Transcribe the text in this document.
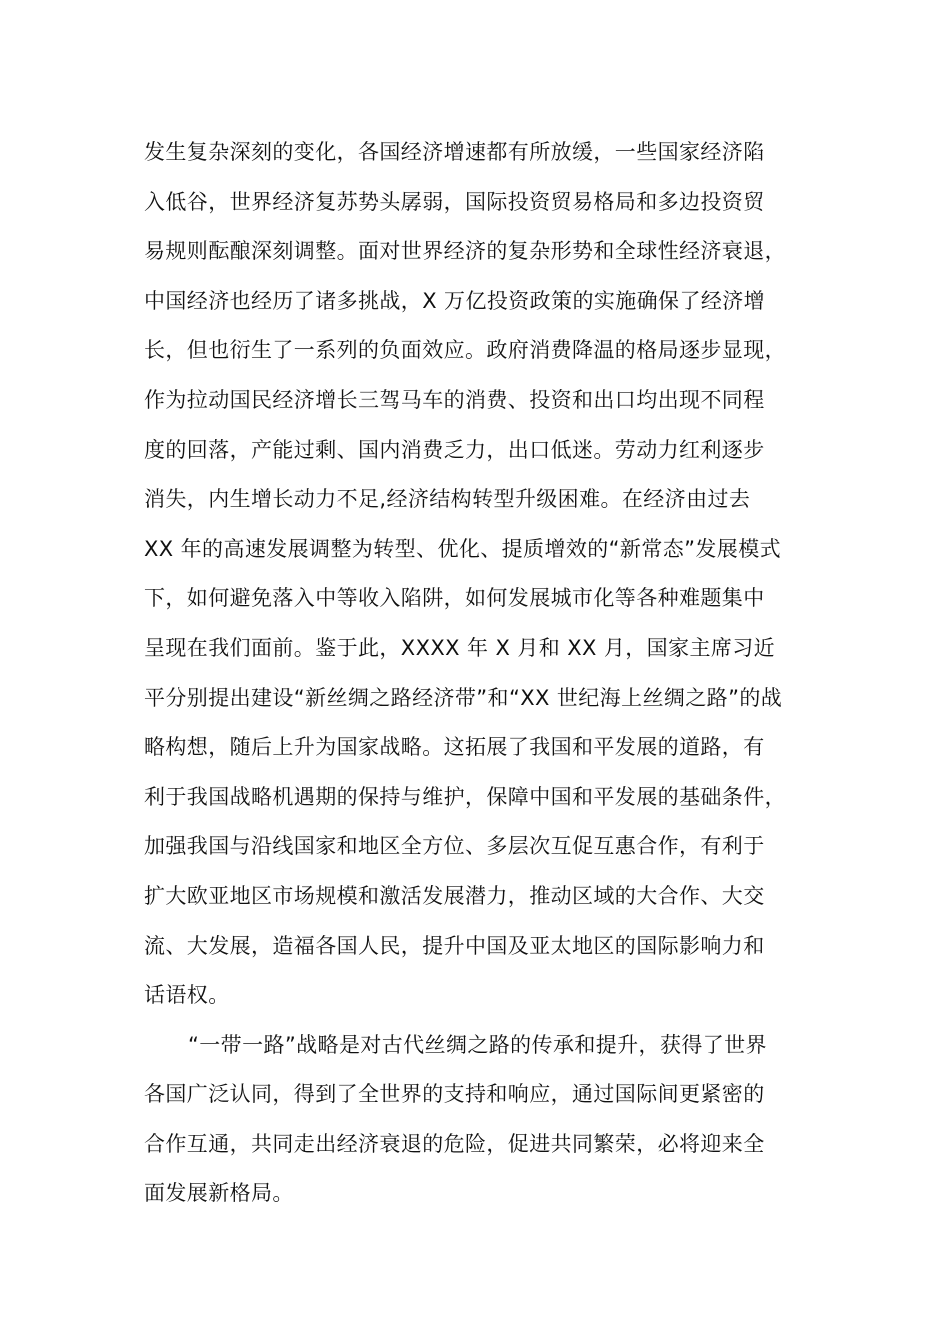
发生复杂深刻的变化，各国经济增速都有所放缓，一些国家经济陷
入低谷，世界经济复苏势头孱弱，国际投资贸易格局和多边投资贸
易规则酝酿深刻调整。面对世界经济的复杂形势和全球性经济衰退，
中国经济也经历了诸多挑战，X 万亿投资政策的实施确保了经济增
长，但也衍生了一系列的负面效应。政府消费降温的格局逐步显现，
作为拉动国民经济增长三驾马车的消费、投资和出口均出现不同程
度的回落，产能过剩、国内消费乏力，出口低迷。劳动力红利逐步
消失，内生增长动力不足,经济结构转型升级困难。在经济由过去
XX 年的高速发展调整为转型、优化、提质增效的“新常态”发展模式
下，如何避免落入中等收入陷阱，如何发展城市化等各种难题集中
呈现在我们面前。鉴于此，XXXX 年 X 月和 XX 月，国家主席习近
平分别提出建设“新丝绸之路经济带”和“XX 世纪海上丝绸之路”的战
略构想，随后上升为国家战略。这拓展了我国和平发展的道路，有
利于我国战略机遇期的保持与维护，保障中国和平发展的基础条件，
加强我国与沿线国家和地区全方位、多层次互促互惠合作，有利于
扩大欧亚地区市场规模和激活发展潜力，推动区域的大合作、大交
流、大发展，造福各国人民，提升中国及亚太地区的国际影响力和
话语权。
“一带一路”战略是对古代丝绸之路的传承和提升，获得了世界
各国广泛认同，得到了全世界的支持和响应，通过国际间更紧密的
合作互通，共同走出经济衰退的危险，促进共同繁荣，必将迎来全
面发展新格局。
